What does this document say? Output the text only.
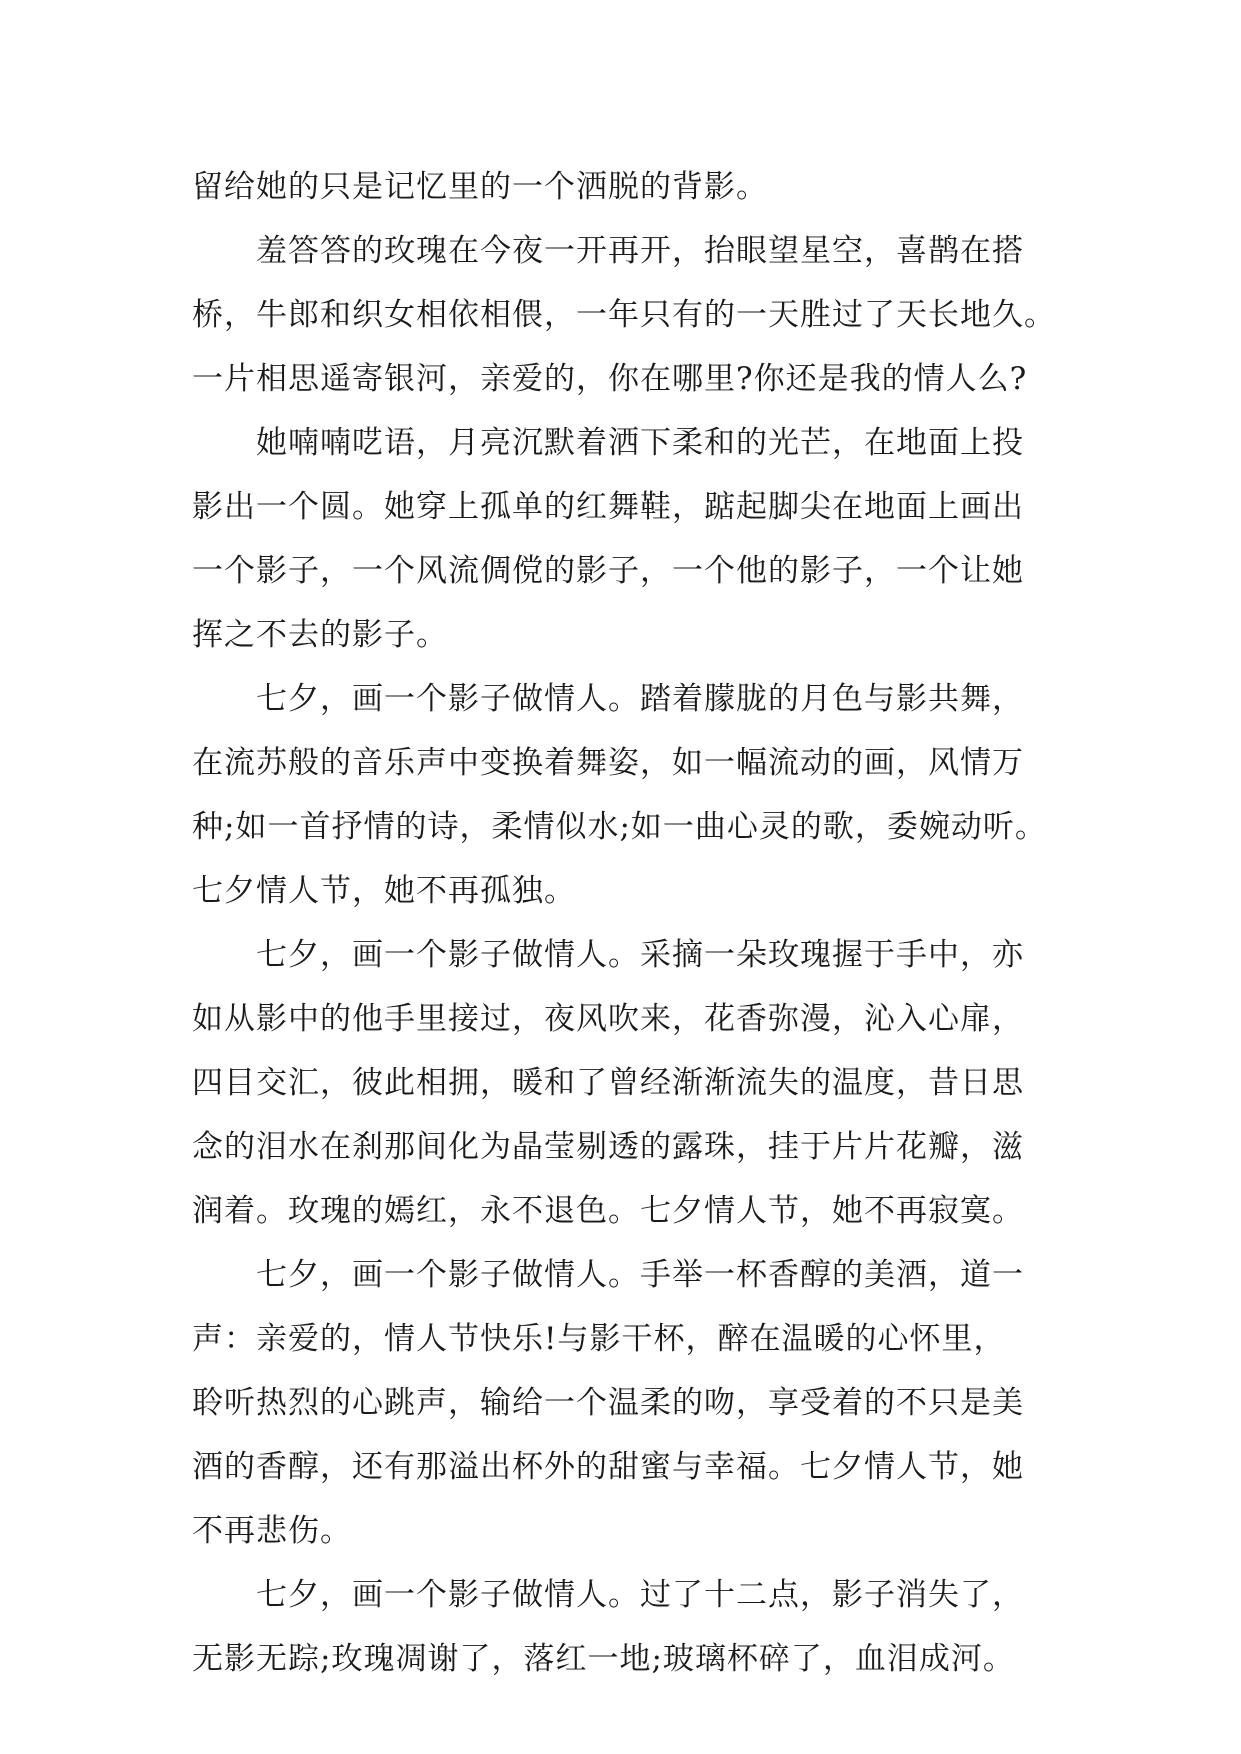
留给她的只是记忆里的一个洒脱的背影。
羞答答的玫瑰在今夜一开再开，抬眼望星空，喜鹊在搭
桥，牛郎和织女相依相偎，一年只有的一天胜过了天长地久。
一片相思遥寄银河，亲爱的，你在哪里?你还是我的情人么?
她喃喃呓语，月亮沉默着洒下柔和的光芒，在地面上投
影出一个圆。她穿上孤单的红舞鞋，踮起脚尖在地面上画出
一个影子，一个风流倜傥的影子，一个他的影子，一个让她
挥之不去的影子。
七夕，画一个影子做情人。踏着朦胧的月色与影共舞，
在流苏般的音乐声中变换着舞姿，如一幅流动的画，风情万
种;如一首抒情的诗，柔情似水;如一曲心灵的歌，委婉动听。
七夕情人节，她不再孤独。
七夕，画一个影子做情人。采摘一朵玫瑰握于手中，亦
如从影中的他手里接过，夜风吹来，花香弥漫，沁入心扉，
四目交汇，彼此相拥，暖和了曾经渐渐流失的温度，昔日思
念的泪水在刹那间化为晶莹剔透的露珠，挂于片片花瓣，滋
润着。玫瑰的嫣红，永不退色。七夕情人节，她不再寂寞。
七夕，画一个影子做情人。手举一杯香醇的美酒，道一
声：亲爱的，情人节快乐!与影干杯，醉在温暖的心怀里，
聆听热烈的心跳声，输给一个温柔的吻，享受着的不只是美
酒的香醇，还有那溢出杯外的甜蜜与幸福。七夕情人节，她
不再悲伤。
七夕，画一个影子做情人。过了十二点，影子消失了，
无影无踪;玫瑰凋谢了，落红一地;玻璃杯碎了，血泪成河。
